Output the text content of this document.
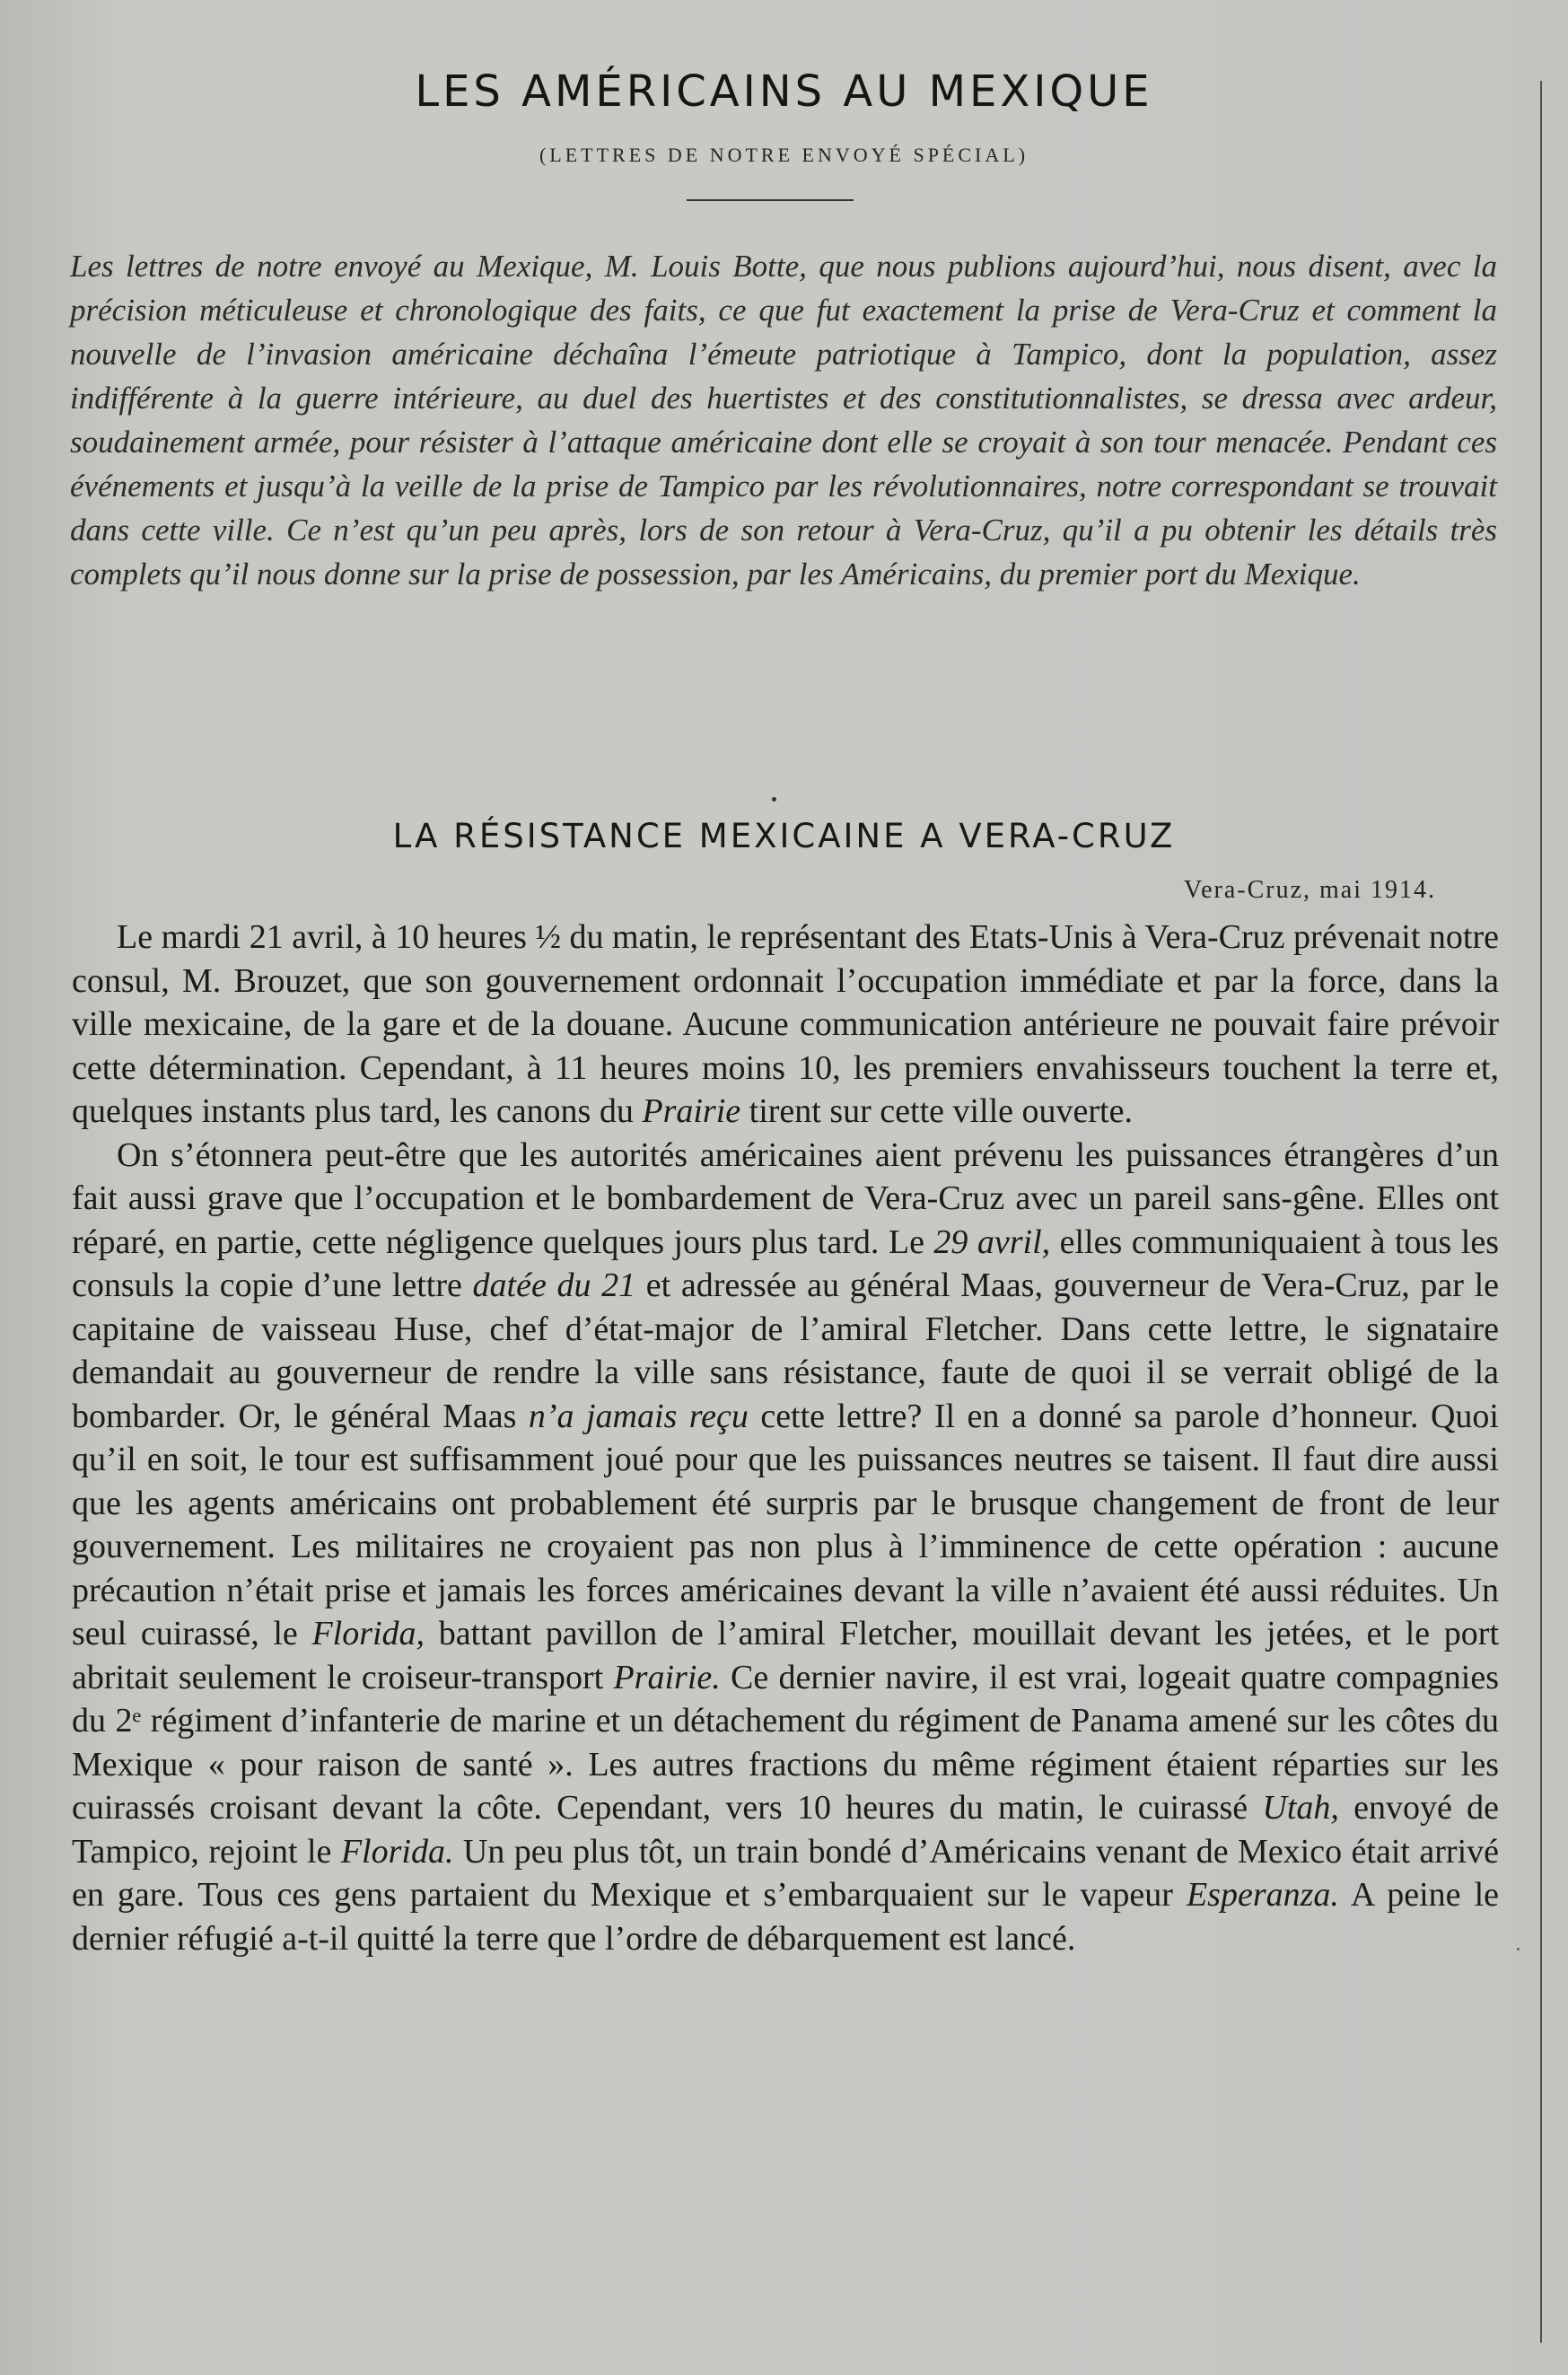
LES AMÉRICAINS AU MEXIQUE
(LETTRES DE NOTRE ENVOYÉ SPÉCIAL)
Les lettres de notre envoyé au Mexique, M. Louis Botte, que nous publions aujourd’hui, nous disent, avec la précision méticuleuse et chronologique des faits, ce que fut exactement la prise de Vera-Cruz et comment la nouvelle de l’invasion américaine déchaîna l’émeute patriotique à Tampico, dont la population, assez indifférente à la guerre intérieure, au duel des huertistes et des constitutionnalistes, se dressa avec ardeur, soudainement armée, pour résister à l’attaque américaine dont elle se croyait à son tour menacée. Pendant ces événements et jusqu’à la veille de la prise de Tampico par les révolutionnaires, notre correspondant se trouvait dans cette ville. Ce n’est qu’un peu après, lors de son retour à Vera-Cruz, qu’il a pu obtenir les détails très complets qu’il nous donne sur la prise de possession, par les Américains, du premier port du Mexique.
LA RÉSISTANCE MEXICAINE A VERA-CRUZ
Vera-Cruz, mai 1914.

Le mardi 21 avril, à 10 heures ½ du matin, le représentant des Etats-Unis à Vera-Cruz prévenait notre consul, M. Brouzet, que son gouvernement ordonnait l’occupation immédiate et par la force, dans la ville mexicaine, de la gare et de la douane. Aucune communication antérieure ne pouvait faire prévoir cette détermination. Cependant, à 11 heures moins 10, les premiers envahisseurs touchent la terre et, quelques instants plus tard, les canons du Prairie tirent sur cette ville ouverte.

On s’étonnera peut-être que les autorités américaines aient prévenu les puissances étrangères d’un fait aussi grave que l’occupation et le bombardement de Vera-Cruz avec un pareil sans-gêne. Elles ont réparé, en partie, cette négligence quelques jours plus tard. Le 29 avril, elles communiquaient à tous les consuls la copie d’une lettre datée du 21 et adressée au général Maas, gouverneur de Vera-Cruz, par le capitaine de vaisseau Huse, chef d’état-major de l’amiral Fletcher. Dans cette lettre, le signataire demandait au gouverneur de rendre la ville sans résistance, faute de quoi il se verrait obligé de la bombarder. Or, le général Maas n’a jamais reçu cette lettre? Il en a donné sa parole d’honneur. Quoi qu’il en soit, le tour est suffisamment joué pour que les puissances neutres se taisent. Il faut dire aussi que les agents américains ont probablement été surpris par le brusque changement de front de leur gouvernement. Les militaires ne croyaient pas non plus à l’imminence de cette opération : aucune précaution n’était prise et jamais les forces américaines devant la ville n’avaient été aussi réduites. Un seul cuirassé, le Florida, battant pavillon de l’amiral Fletcher, mouillait devant les jetées, et le port abritait seulement le croiseur-transport Prairie. Ce dernier navire, il est vrai, logeait quatre compagnies du 2ᵉ régiment d’infanterie de marine et un détachement du régiment de Panama amené sur les côtes du Mexique « pour raison de santé ». Les autres fractions du même régiment étaient réparties sur les cuirassés croisant devant la côte. Cependant, vers 10 heures du matin, le cuirassé Utah, envoyé de Tampico, rejoint le Florida. Un peu plus tôt, un train bondé d’Américains venant de Mexico était arrivé en gare. Tous ces gens partaient du Mexique et s’embarquaient sur le vapeur Esperanza. A peine le dernier réfugié a-t-il quitté la terre que l’ordre de débarquement est lancé.
